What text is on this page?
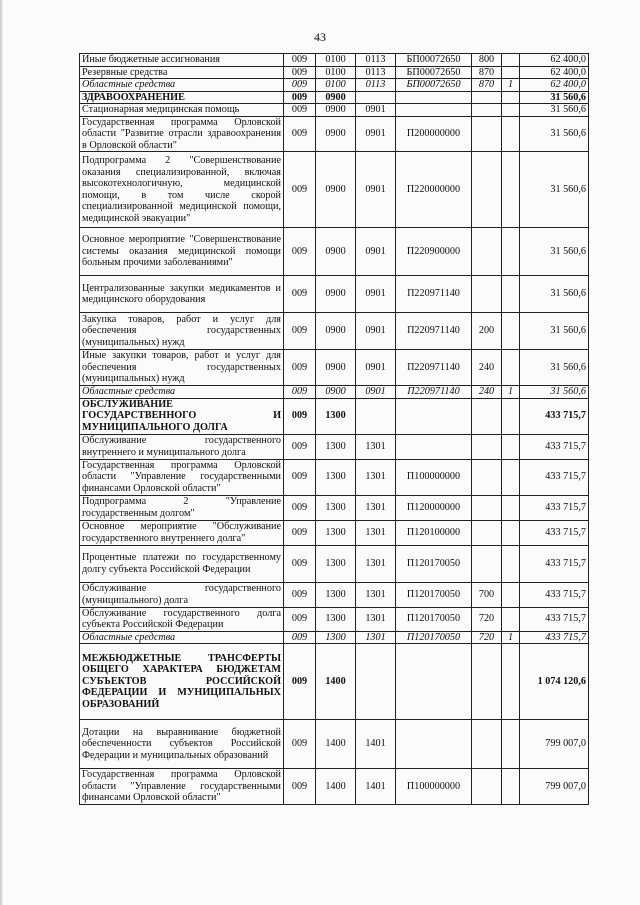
43
Иные бюджетные ассигнования	009	0100	0113	БП00072650	800		62 400,0
Резервные средства	009	0100	0113	БП00072650	870		62 400,0
Областные средства	009	0100	0113	БП00072650	870	1	62 400,0
ЗДРАВООХРАНЕНИЕ	009	0900					31 560,6
Стационарная медицинская помощь	009	0900	0901				31 560,6
Государственная программа Орловской области "Развитие отрасли здравоохранения в Орловской области"	009	0900	0901	П200000000			31 560,6
Подпрограмма 2 "Совершенствование оказания специализированной, включая высокотехнологичную, медицинской помощи, в том числе скорой специализированной медицинской помощи, медицинской эвакуации"	009	0900	0901	П220000000			31 560,6
Основное мероприятие "Совершенствование системы оказания медицинской помощи больным прочими заболеваниями"	009	0900	0901	П220900000			31 560,6
Централизованные закупки медикаментов и медицинского оборудования	009	0900	0901	П220971140			31 560,6
Закупка товаров, работ и услуг для обеспечения государственных (муниципальных) нужд	009	0900	0901	П220971140	200		31 560,6
Иные закупки товаров, работ и услуг для обеспечения государственных (муниципальных) нужд	009	0900	0901	П220971140	240		31 560,6
Областные средства	009	0900	0901	П220971140	240	1	31 560,6
ОБСЛУЖИВАНИЕ ГОСУДАРСТВЕННОГО И МУНИЦИПАЛЬНОГО ДОЛГА	009	1300					433 715,7
Обслуживание государственного внутреннего и муниципального долга	009	1300	1301				433 715,7
Государственная программа Орловской области "Управление государственными финансами Орловской области"	009	1300	1301	П100000000			433 715,7
Подпрограмма 2 "Управление государственным долгом"	009	1300	1301	П120000000			433 715,7
Основное мероприятие "Обслуживание государственного внутреннего долга"	009	1300	1301	П120100000			433 715,7
Процентные платежи по государственному долгу субъекта Российской Федерации	009	1300	1301	П120170050			433 715,7
Обслуживание государственного (муниципального) долга	009	1300	1301	П120170050	700		433 715,7
Обслуживание государственного долга субъекта Российской Федерации	009	1300	1301	П120170050	720		433 715,7
Областные средства	009	1300	1301	П120170050	720	1	433 715,7
МЕЖБЮДЖЕТНЫЕ ТРАНСФЕРТЫ ОБЩЕГО ХАРАКТЕРА БЮДЖЕТАМ СУБЪЕКТОВ РОССИЙСКОЙ ФЕДЕРАЦИИ И МУНИЦИПАЛЬНЫХ ОБРАЗОВАНИЙ	009	1400					1 074 120,6
Дотации на выравнивание бюджетной обеспеченности субъектов Российской Федерации и муниципальных образований	009	1400	1401				799 007,0
Государственная программа Орловской области "Управление государственными финансами Орловской области"	009	1400	1401	П100000000			799 007,0
